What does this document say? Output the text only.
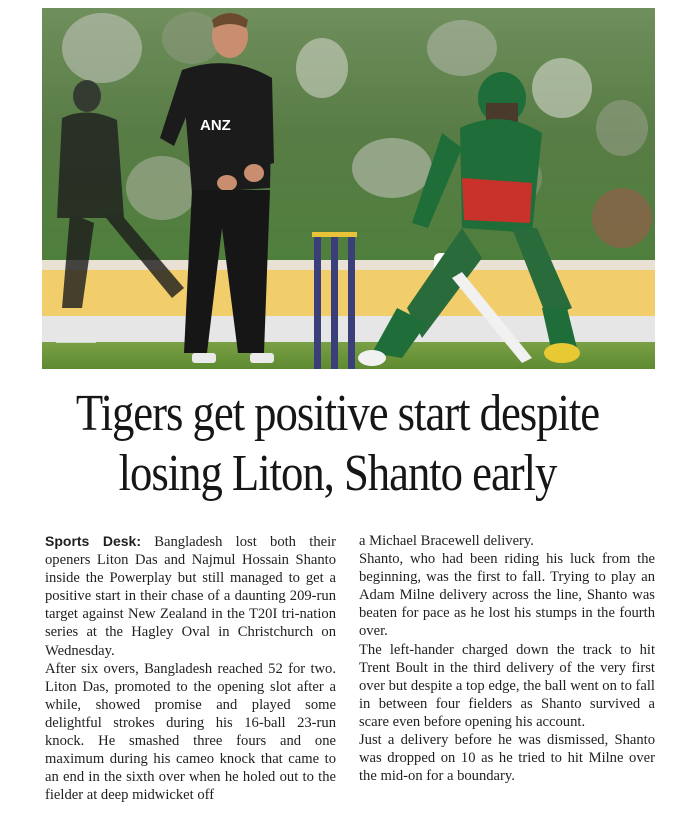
ANZ
Tigers get positive start despite
losing Liton, Shanto early

Sports Desk: Bangladesh lost both their openers Liton Das and Najmul Hossain Shanto inside the Powerplay but still managed to get a positive start in their chase of a daunting 209-run target against New Zealand in the T20I tri-nation series at the Hagley Oval in Christchurch on Wednesday.

After six overs, Bangladesh reached 52 for two. Liton Das, promoted to the opening slot after a while, showed promise and played some delightful strokes during his 16-ball 23-run knock. He smashed three fours and one maximum during his cameo knock that came to an end in the sixth over when he holed out to the fielder at deep midwicket off

a Michael Bracewell delivery.

Shanto, who had been riding his luck from the beginning, was the first to fall. Trying to play an Adam Milne delivery across the line, Shanto was beaten for pace as he lost his stumps in the fourth over.

The left-hander charged down the track to hit Trent Boult in the third delivery of the very first over but despite a top edge, the ball went on to fall in between four fielders as Shanto survived a scare even before opening his account.

Just a delivery before he was dismissed, Shanto was dropped on 10 as he tried to hit Milne over the mid-on for a boundary.
